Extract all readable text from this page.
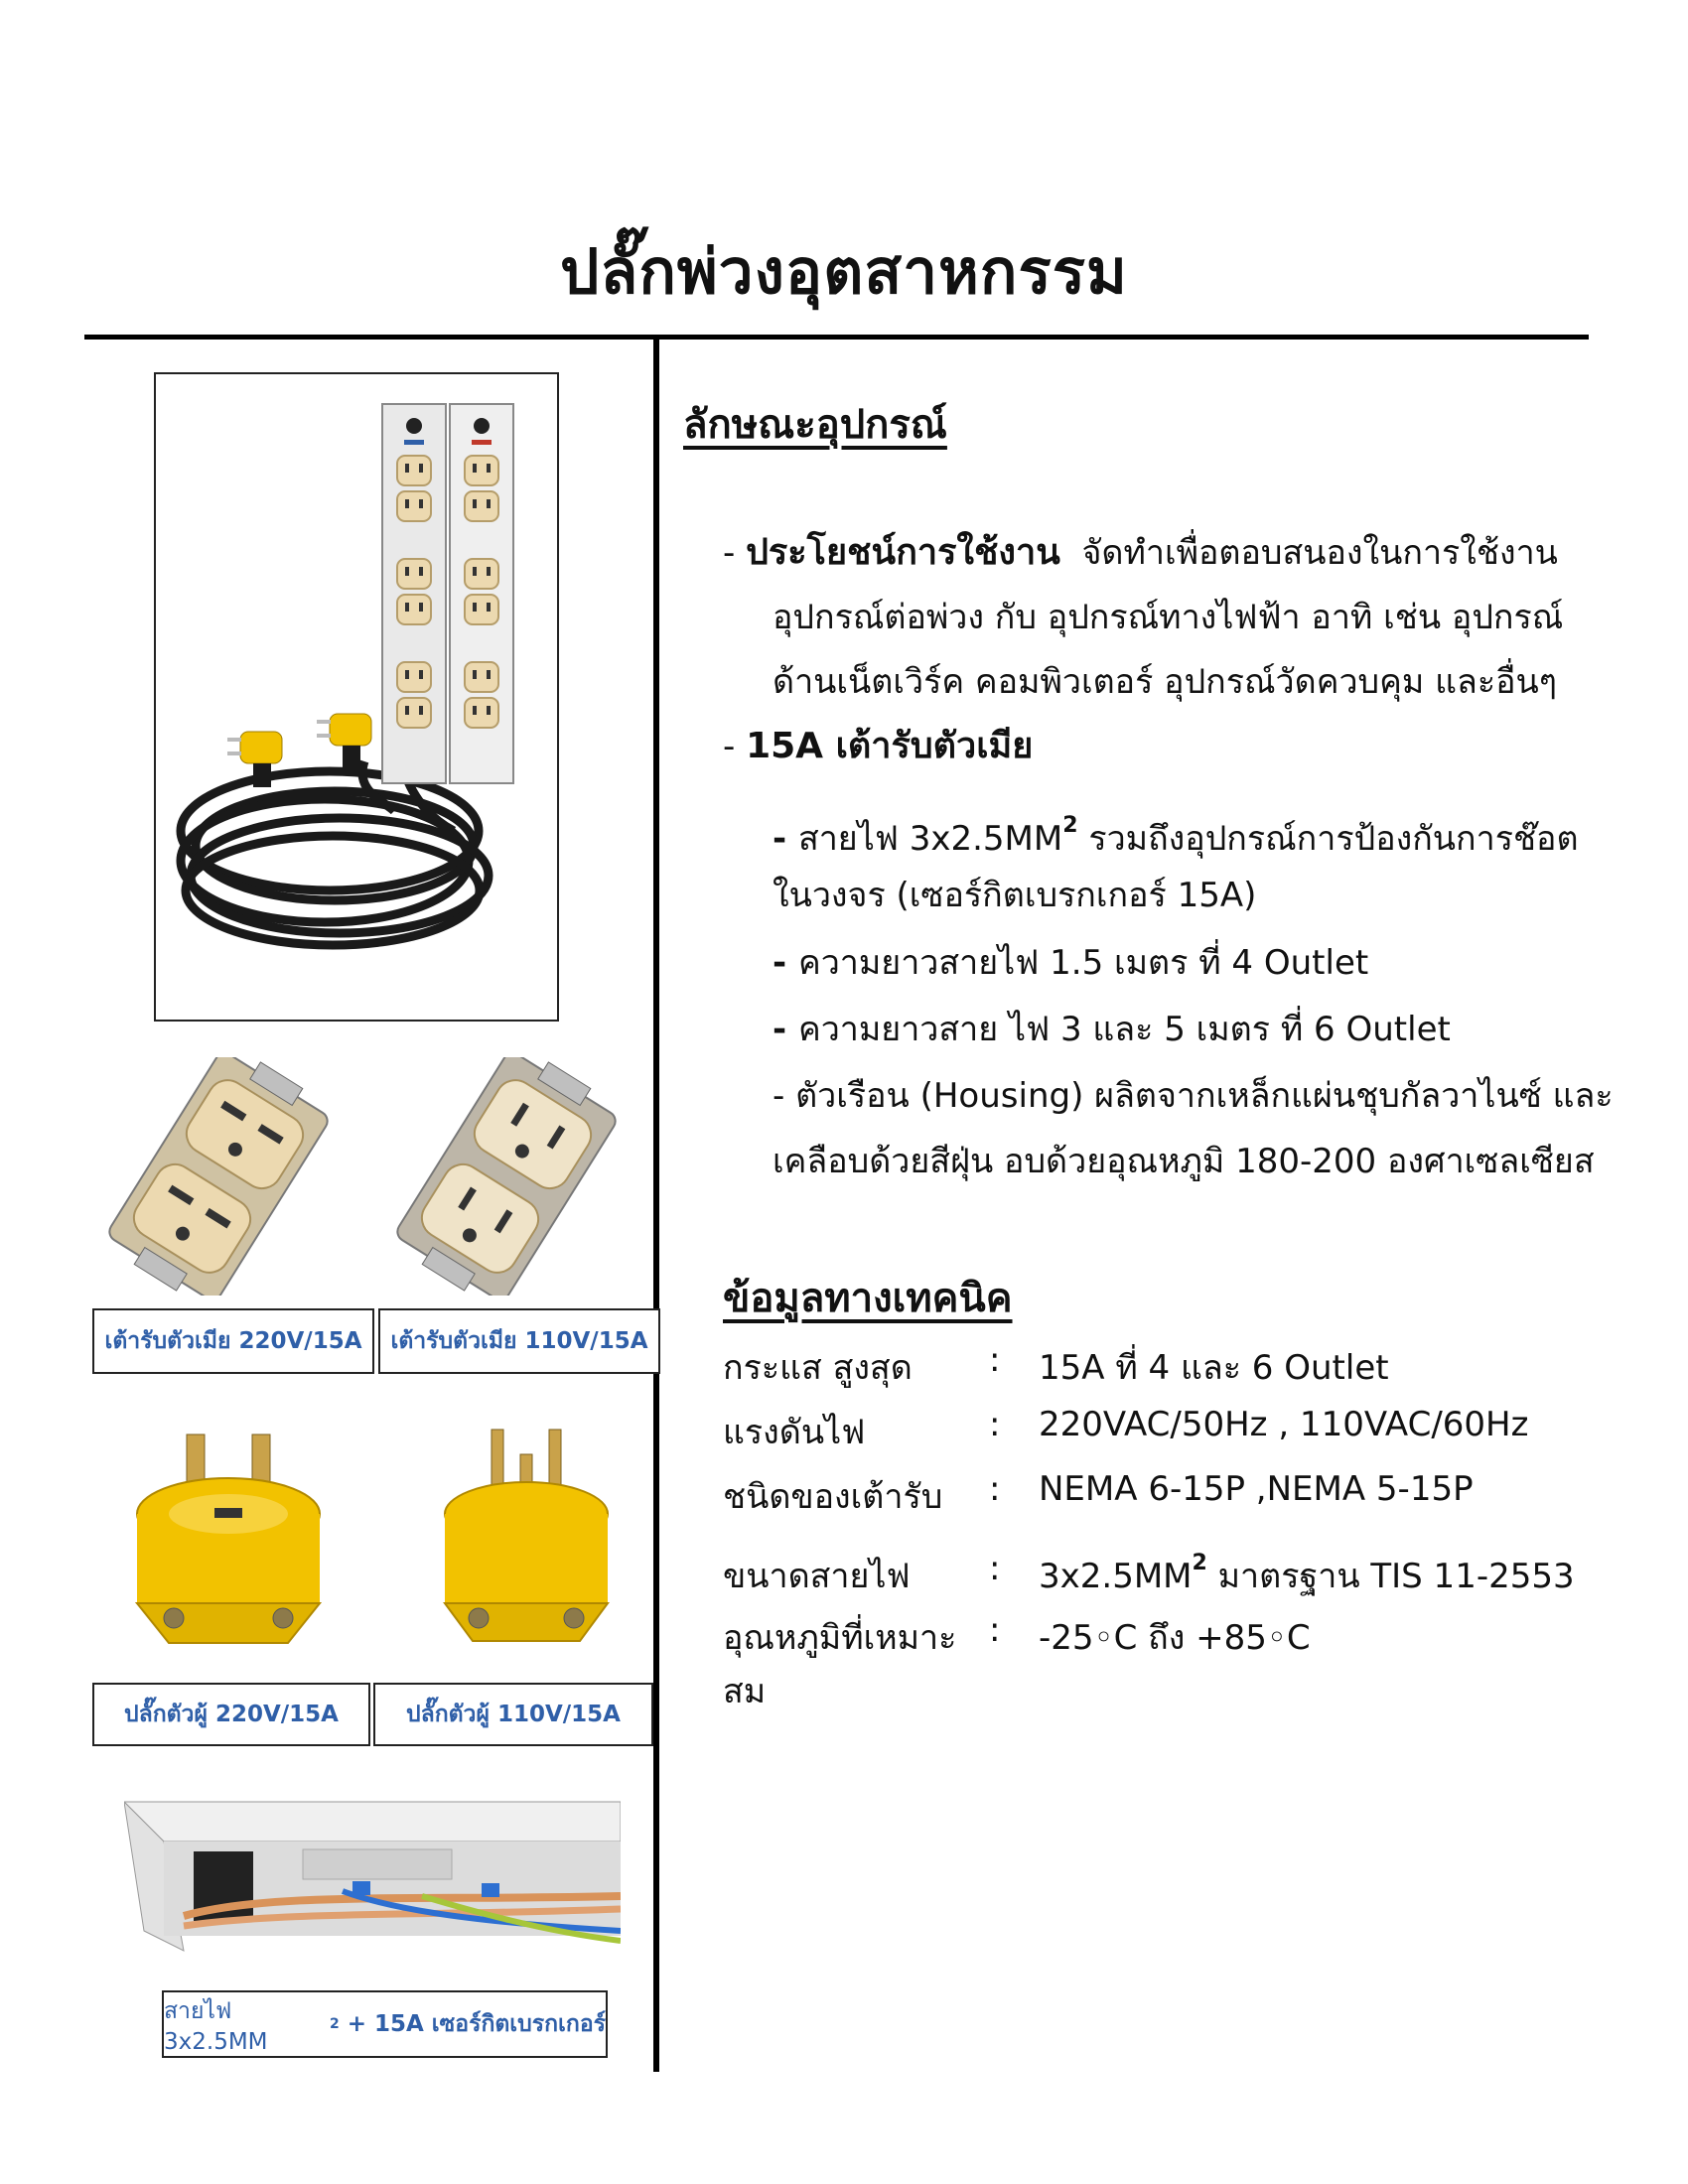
ปลั๊กพ่วงอุตสาหกรรม
เต้ารับตัวเมีย 220V/15A	เต้ารับตัวเมีย 110V/15A
ปลั๊กตัวผู้ 220V/15A	ปลั๊กตัวผู้ 110V/15A
สายไฟ 3x2.5MM
2 + 15A เซอร์กิตเบรกเกอร์
ลักษณะอุปกรณ์
- ประโยชน์การใช้งาน จัดทำเพื่อตอบสนองในการใช้งาน
อุปกรณ์ต่อพ่วง กับ อุปกรณ์ทางไฟฟ้า อาทิ เช่น อุปกรณ์
ด้านเน็ตเวิร์ค คอมพิวเตอร์ อุปกรณ์วัดควบคุม และอื่นๆ
- 15A เต้ารับตัวเมีย
- สายไฟ $3x2.5MM^2$ รวมถึงอุปกรณ์การป้องกันการช๊อต
ในวงจร (เซอร์กิตเบรกเกอร์ 15A)
- ความยาวสายไฟ 1.5 เมตร ที่ 4 Outlet
- ความยาวสาย ไฟ 3 และ 5 เมตร ที่ 6 Outlet
- ตัวเรือน (Housing) ผลิตจากเหล็กแผ่นชุบกัลวาไนซ์ และ
เคลือบด้วยสีฝุ่น อบด้วยอุณหภูมิ 180-200 องศาเซลเซียส
ข้อมูลทางเทคนิค
กระแส สูงสุด	:	15A ที่ 4 และ 6 Outlet
แรงดันไฟ	:	220VAC/50Hz , 110VAC/60Hz
ชนิดของเต้ารับ	:	NEMA 6-15P ,NEMA 5-15P
ขนาดสายไฟ	:	$3x2.5MM^2$ มาตรฐาน TIS 11-2553
อุณหภูมิที่เหมาะสม
:	-25◦C ถึง +85◦C
